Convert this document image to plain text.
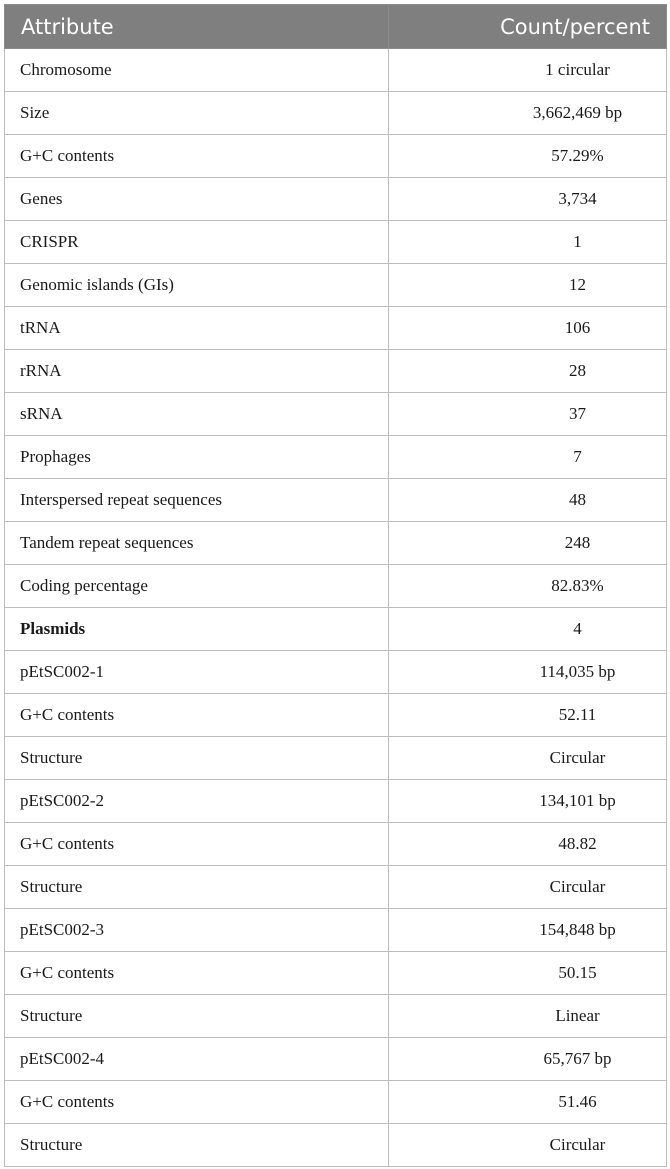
Attribute	Count/percent
Chromosome	1 circular
Size	3,662,469 bp
G+C contents	57.29%
Genes	3,734
CRISPR	1
Genomic islands (GIs)	12
tRNA	106
rRNA	28
sRNA	37
Prophages	7
Interspersed repeat sequences	48
Tandem repeat sequences	248
Coding percentage	82.83%
Plasmids	4
pEtSC002-1	114,035 bp
G+C contents	52.11
Structure	Circular
pEtSC002-2	134,101 bp
G+C contents	48.82
Structure	Circular
pEtSC002-3	154,848 bp
G+C contents	50.15
Structure	Linear
pEtSC002-4	65,767 bp
G+C contents	51.46
Structure	Circular
